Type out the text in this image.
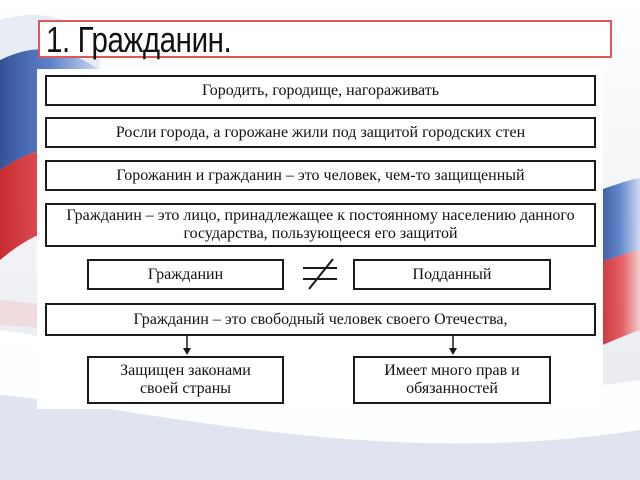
1. Гражданин.
Городить, городище, нагораживать
Росли города, а горожане жили под защитой городских стен
Горожанин и гражданин – это человек, чем-то защищенный
Гражданин – это лицо, принадлежащее к постоянному населению данного государства, пользующееся его защитой
Гражданин	Подданный
Гражданин – это свободный человек своего Отечества,
Защищен законами своей страны
Имеет много прав и обязанностей
